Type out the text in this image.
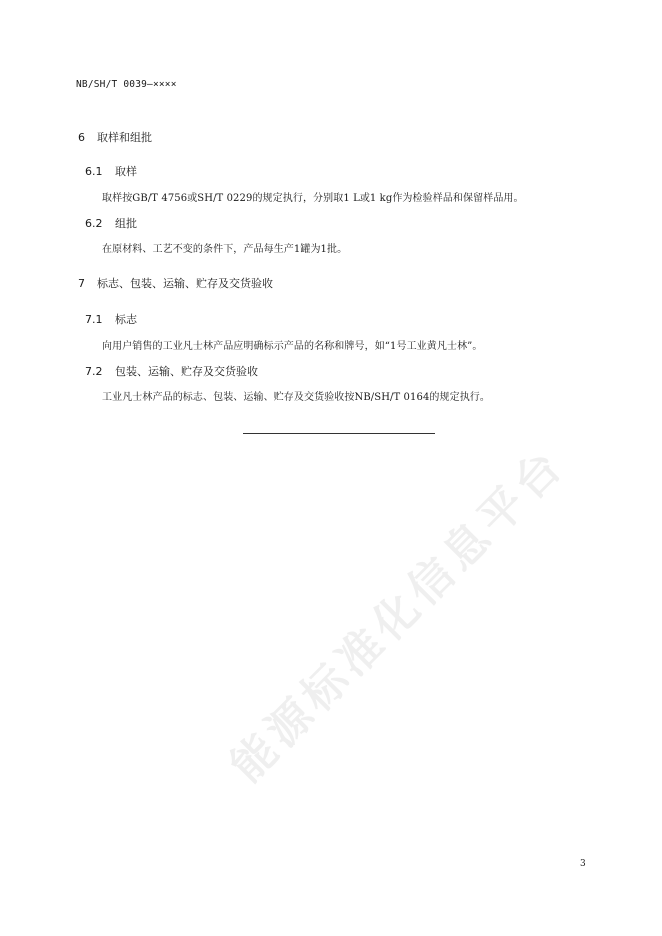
NB/SH/T 0039—××××
6 取样和组批
6.1 取样
取样按GB/T 4756或SH/T 0229的规定执行，分别取1 L或1 kg作为检验样品和保留样品用。
6.2 组批
在原材料、工艺不变的条件下，产品每生产1罐为1批。
7 标志、包装、运输、贮存及交货验收
7.1 标志
向用户销售的工业凡士林产品应明确标示产品的名称和牌号，如“1号工业黄凡士林”。
7.2 包装、运输、贮存及交货验收
工业凡士林产品的标志、包装、运输、贮存及交货验收按NB/SH/T 0164的规定执行。
能源标准化信息平台
3
